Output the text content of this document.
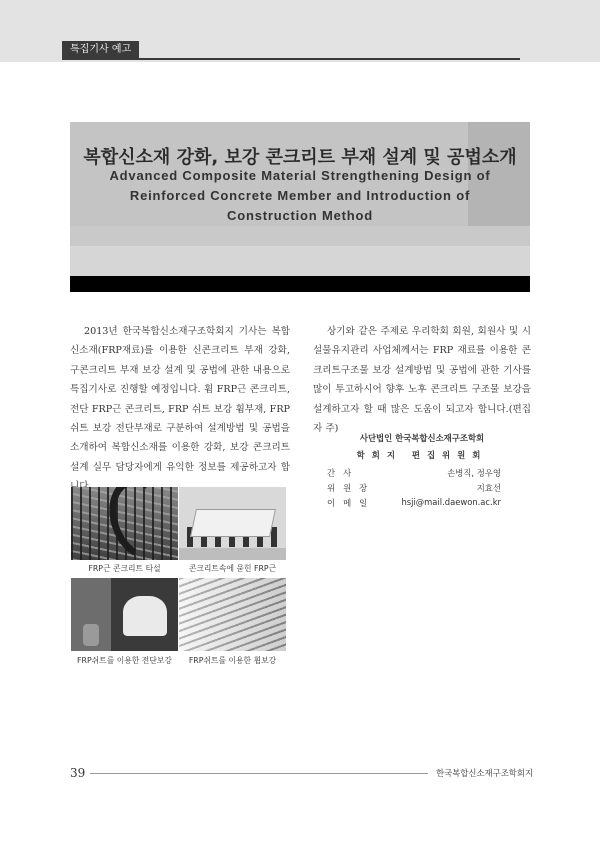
특집기사 예고
복합신소재 강화, 보강 콘크리트 부재 설계 및 공법소개

Advanced Composite Material Strengthening Design of Reinforced Concrete Member and Introduction of Construction Method

2013년 한국복합신소재구조학회지 기사는 복합신소재(FRP재료)를 이용한 신콘크리트 부재 강화, 구콘크리트 부재 보강 설계 및 공법에 관한 내용으로 특집기사로 진행할 예정입니다. 휨 FRP근 콘크리트, 전단 FRP근 콘크리트, FRP 쉬트 보강 휨부재, FRP 쉬트 보강 전단부재로 구분하여 설계방법 및 공법을 소개하여 복합신소재를 이용한 강화, 보강 콘크리트 설계 실무 담당자에게 유익한 정보를 제공하고자 합

상기와 같은 주제로 우리학회 회원, 회원사 및 시설물유지관리 사업체께서는 FRP 재료를 이용한 콘크리트구조물 보강 설계방법 및 공법에 관한 기사를 많이 투고하시어 향후 노후 콘크리트 구조물 보강을 설계하고자 할 때 많은 도움이 되고자 합니다.(편집자 주)

사단법인 한국복합신소재구조학회
학회지 편집위원회
간사	손병직, 정우영
위원장	지효선
이메일	hsji@mail.daewon.ac.kr
FRP근 콘크리트 타설	콘크리트속에 묻힌 FRP근
FRP쉬트를 이용한 전단보강	FRP쉬트를 이용한 휨보강
39	한국복합신소재구조학회지
